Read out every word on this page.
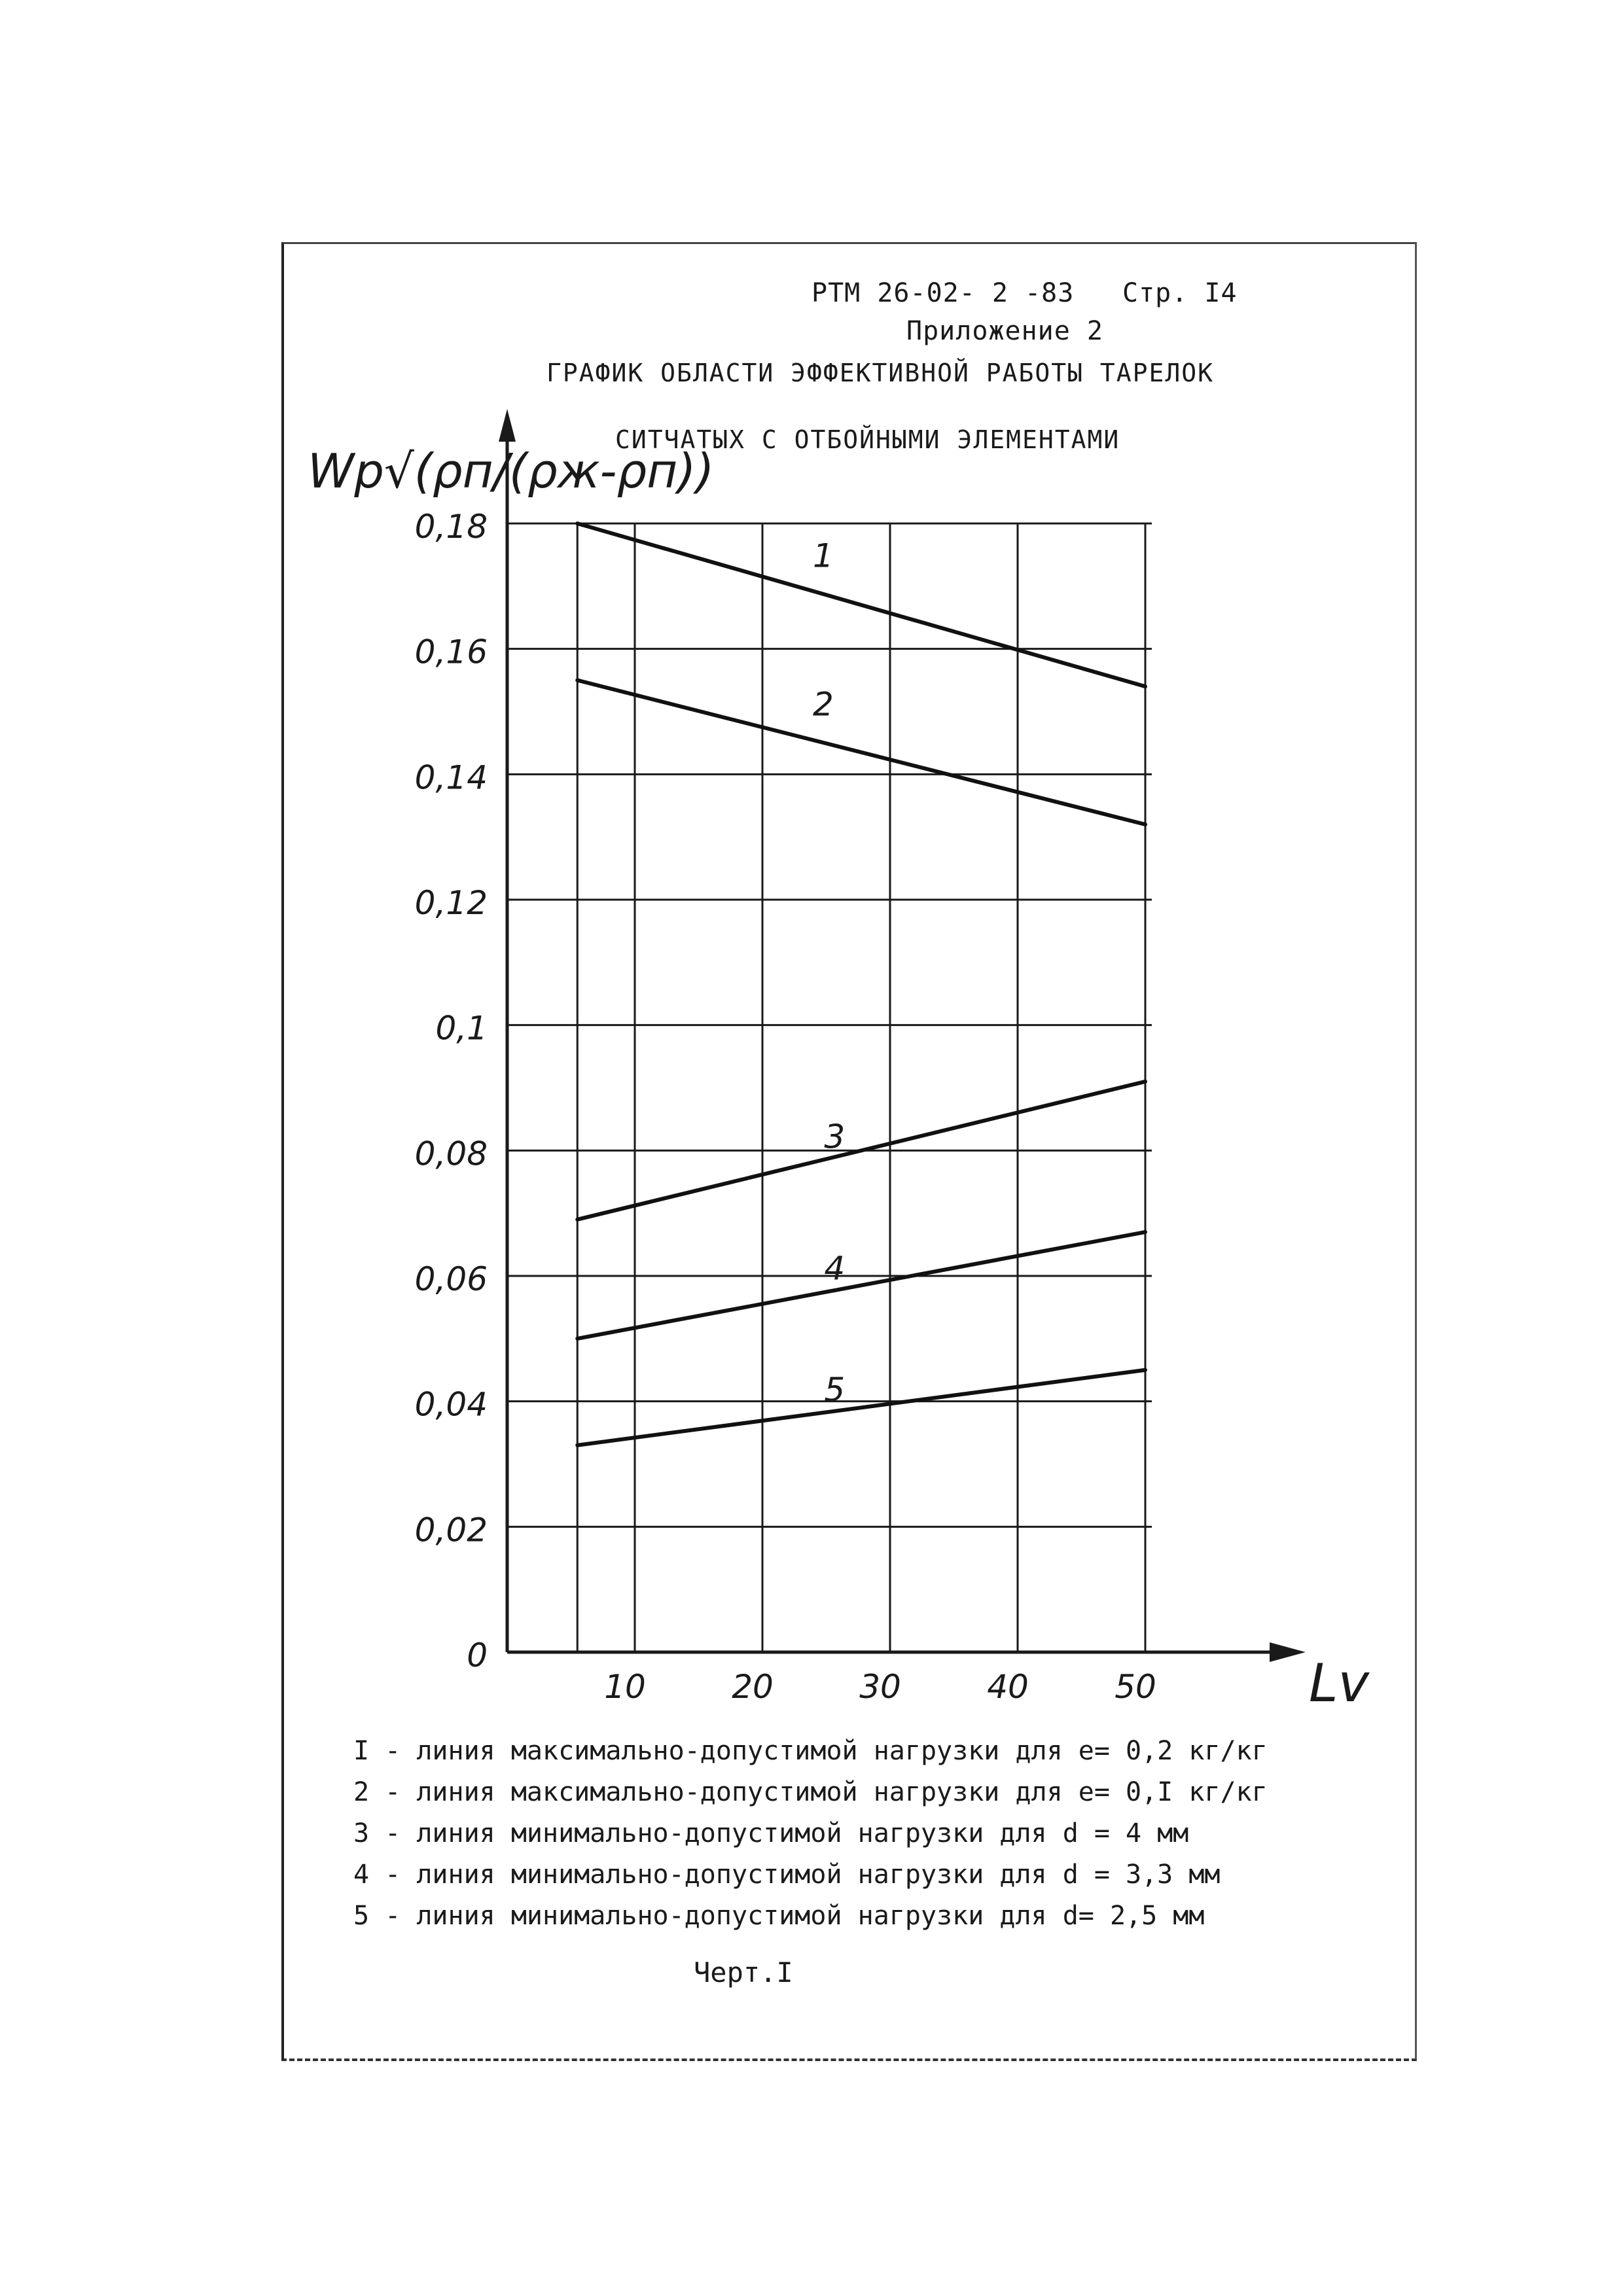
РТМ 26-02- 2 -83 Стр. I4
Приложение 2
ГРАФИК ОБЛАСТИ ЭФФЕКТИВНОЙ РАБОТЫ ТАРЕЛОК
СИТЧАТЫХ С ОТБОЙНЫМИ ЭЛЕМЕНТАМИ
0
0,02
0,04
0,06
0,08
0,1
0,12
0,14
0,16
0,18
10	20	30	40	50
1
2
3
4
5
Wp√(ρп/(ρж-ρп))
Lv
I - линия максимально-допустимой нагрузки для e= 0,2 кг/кг
2 - линия максимально-допустимой нагрузки для e= 0,I кг/кг
3 - линия минимально-допустимой нагрузки для d = 4 мм
4 - линия минимально-допустимой нагрузки для d = 3,3 мм
5 - линия минимально-допустимой нагрузки для d= 2,5 мм
Черт.I
